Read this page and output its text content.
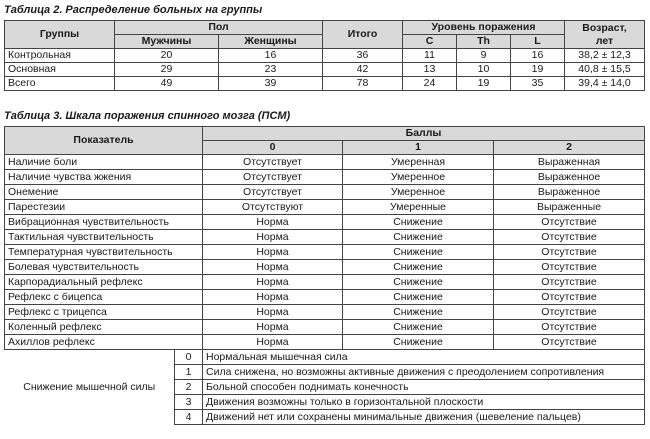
Таблица 2. Распределение больных на группы
Группы	Пол		Итого	Уровень поражения			Возраст,
лет

	Мужчины	Женщины		C	Th	L	
Контрольная	20	16	36	11	9	16	38,2 ± 12,3
Основная	29	23	42	13	10	19	40,8 ± 15,5
Всего	49	39	78	24	19	35	39,4 ± 14,0
Таблица 3. Шкала поражения спинного мозга (ПСМ)
Показатель		Баллы		
		0	1	2
Наличие боли		Отсутствует	Умеренная	Выраженная
Наличие чувства жжения		Отсутствует	Умеренное	Выраженное
Онемение		Отсутствует	Умеренное	Выраженное
Парестезии		Отсутствуют	Умеренные	Выраженные
Вибрационная чувствительность		Норма	Снижение	Отсутствие
Тактильная чувствительность		Норма	Снижение	Отсутствие
Температурная чувствительность		Норма	Снижение	Отсутствие
Болевая чувствительность		Норма	Снижение	Отсутствие
Карпорадиальный рефлекс		Норма	Снижение	Отсутствие
Рефлекс с бицепса		Норма	Снижение	Отсутствие
Рефлекс с трицепса		Норма	Снижение	Отсутствие
Коленный рефлекс		Норма	Снижение	Отсутствие
Ахиллов рефлекс		Норма	Снижение	Отсутствие
Снижение мышечной силы	0	Нормальная мышечная сила		
	1	Сила снижена, но возможны активные движения с преодолением сопротивления		
	2	Больной способен поднимать конечность		
	3	Движения возможны только в горизонтальной плоскости		
	4	Движений нет или сохранены минимальные движения (шевеление пальцев)		
